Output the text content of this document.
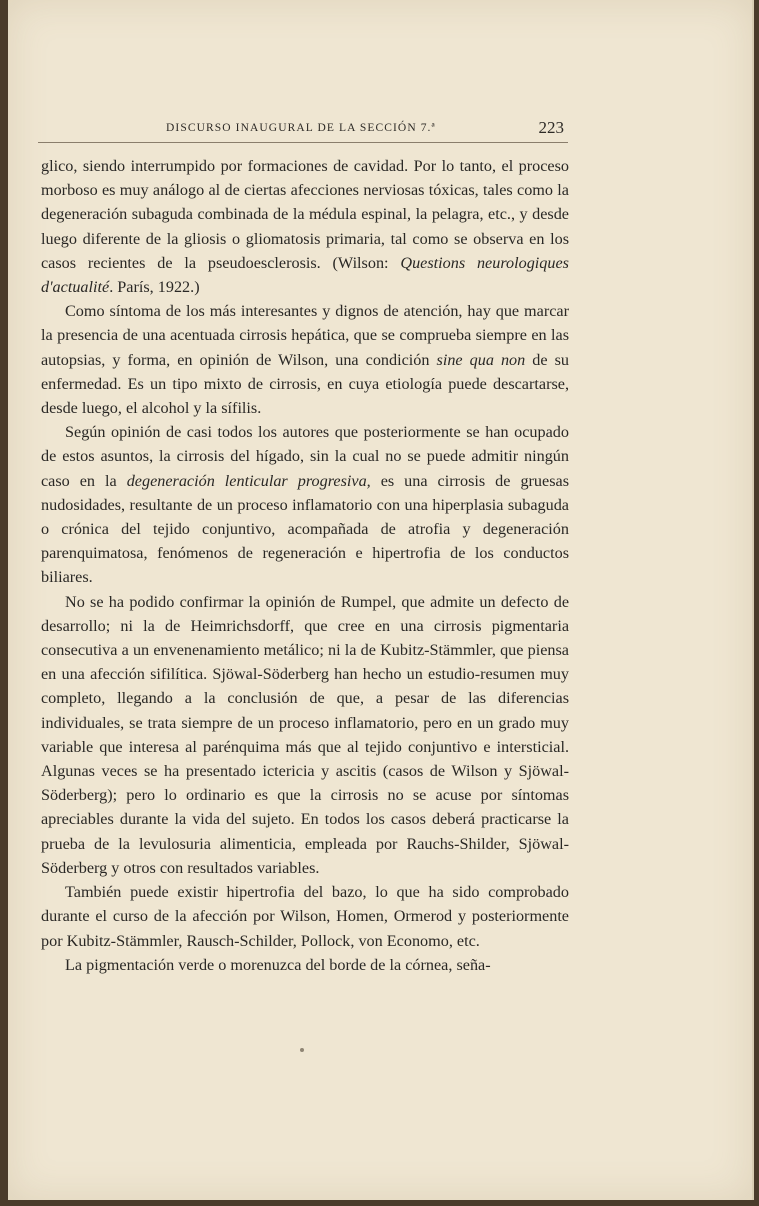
DISCURSO INAUGURAL DE LA SECCIÓN 7.ª	223

glico, siendo interrumpido por formaciones de cavidad. Por lo tanto, el proceso morboso es muy análogo al de ciertas afecciones nerviosas tóxicas, tales como la degeneración subaguda combinada de la médula espinal, la pelagra, etc., y desde luego diferente de la gliosis o gliomatosis primaria, tal como se observa en los casos recientes de la pseudoesclerosis. (Wilson: Questions neurologiques d'actualité. París, 1922.)

Como síntoma de los más interesantes y dignos de atención, hay que marcar la presencia de una acentuada cirrosis hepática, que se comprueba siempre en las autopsias, y forma, en opinión de Wilson, una condición sine qua non de su enfermedad. Es un tipo mixto de cirrosis, en cuya etiología puede descartarse, desde luego, el alcohol y la sífilis.

Según opinión de casi todos los autores que posteriormente se han ocupado de estos asuntos, la cirrosis del hígado, sin la cual no se puede admitir ningún caso en la degeneración lenticular progresiva, es una cirrosis de gruesas nudosidades, resultante de un proceso inflamatorio con una hiperplasia subaguda o crónica del tejido conjuntivo, acompañada de atrofia y degeneración parenquimatosa, fenómenos de regeneración e hipertrofia de los conductos biliares.

No se ha podido confirmar la opinión de Rumpel, que admite un defecto de desarrollo; ni la de Heimrichsdorff, que cree en una cirrosis pigmentaria consecutiva a un envenenamiento metálico; ni la de Kubitz-Stämmler, que piensa en una afección sifilítica. Sjöwal-Söderberg han hecho un estudio-resumen muy completo, llegando a la conclusión de que, a pesar de las diferencias individuales, se trata siempre de un proceso inflamatorio, pero en un grado muy variable que interesa al parénquima más que al tejido conjuntivo e intersticial. Algunas veces se ha presentado ictericia y ascitis (casos de Wilson y Sjöwal-Söderberg); pero lo ordinario es que la cirrosis no se acuse por síntomas apreciables durante la vida del sujeto. En todos los casos deberá practicarse la prueba de la levulosuria alimenticia, empleada por Rauchs-Shilder, Sjöwal-Söderberg y otros con resultados variables.

También puede existir hipertrofia del bazo, lo que ha sido comprobado durante el curso de la afección por Wilson, Homen, Ormerod y posteriormente por Kubitz-Stämmler, Rausch-Schilder, Pollock, von Economo, etc.

La pigmentación verde o morenuzca del borde de la córnea, seña-
